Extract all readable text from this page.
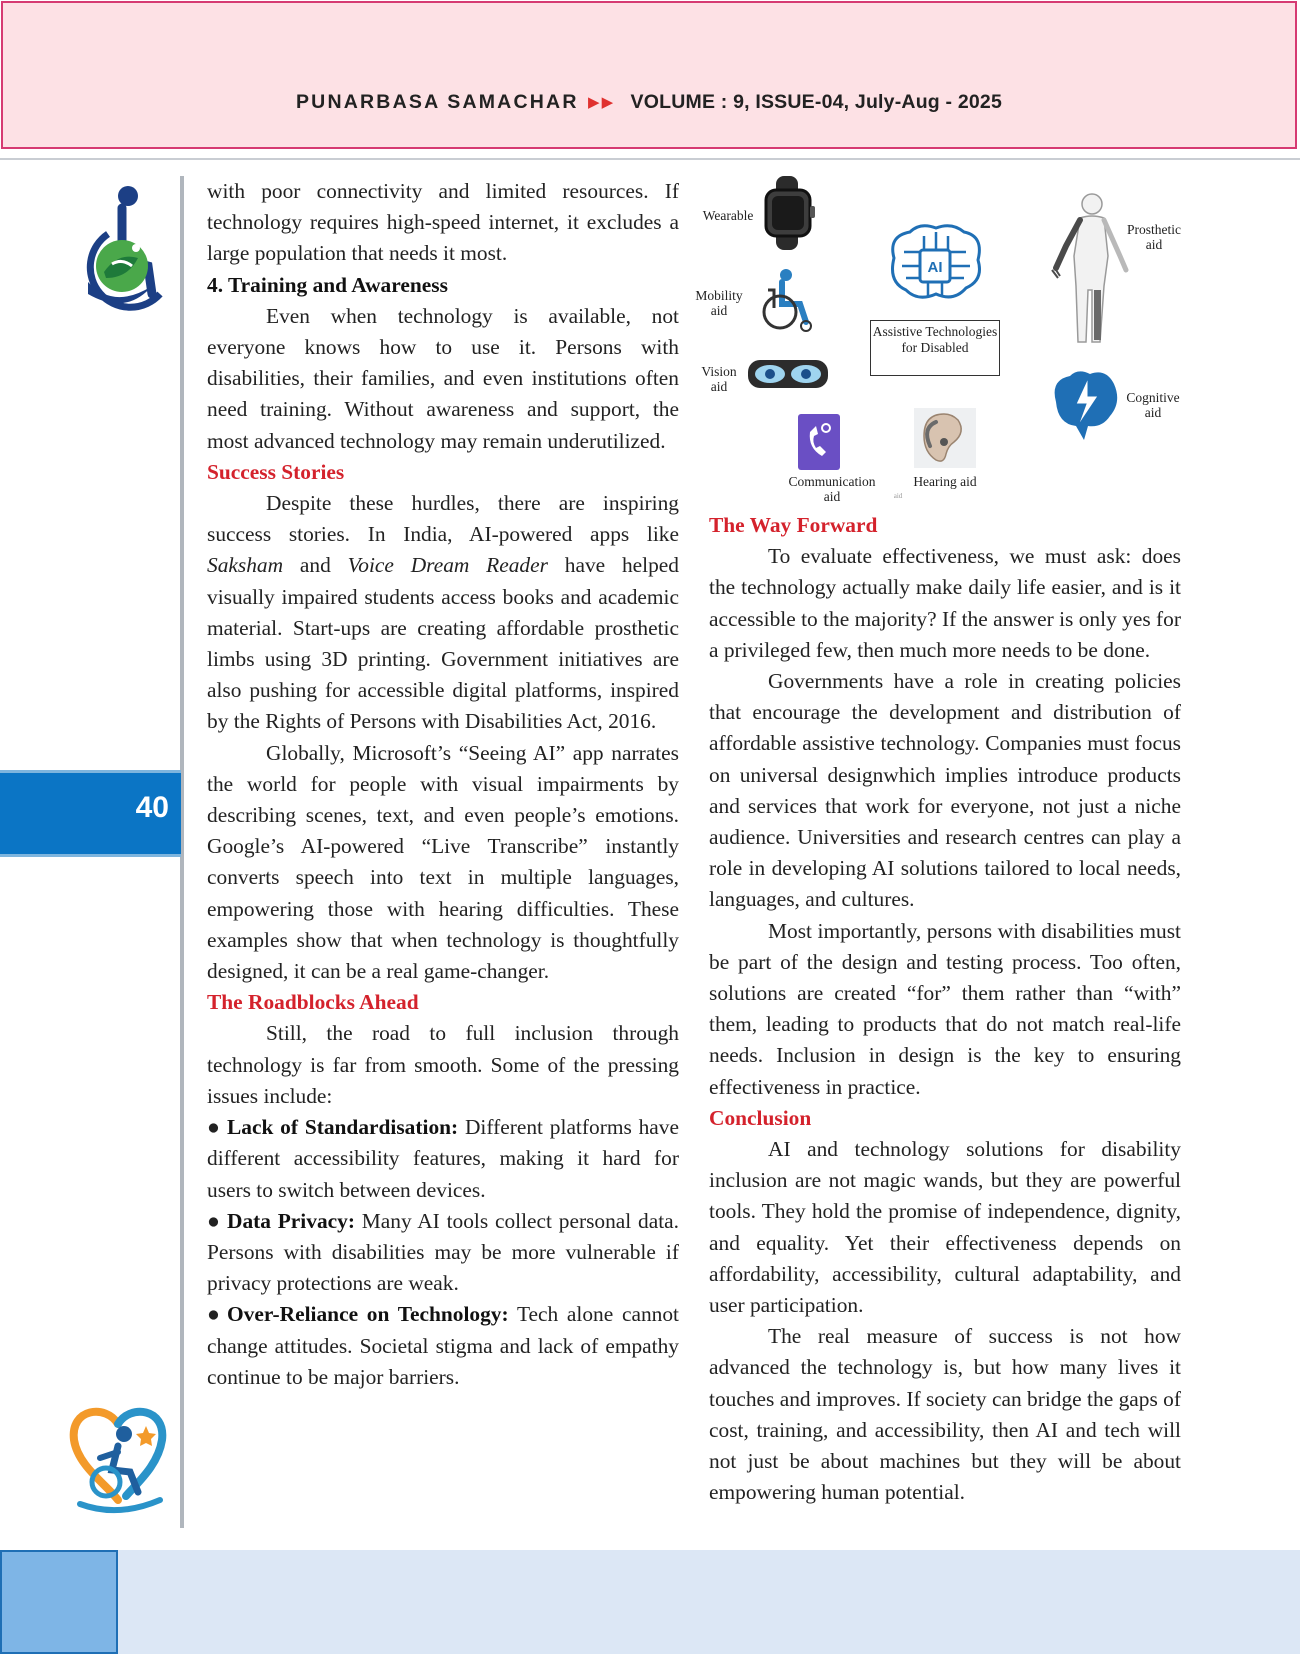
PUNARBASA SAMACHAR ▶▶ VOLUME : 9, ISSUE-04, July-Aug - 2025
40

with poor connectivity and limited resources. If technology requires high-speed internet, it excludes a large population that needs it most.

4. Training and Awareness

Even when technology is available, not everyone knows how to use it. Persons with disabilities, their families, and even institutions often need training. Without awareness and support, the most advanced technology may remain underutilized.

Success Stories

Despite these hurdles, there are inspiring success stories. In India, AI-powered apps like Saksham and Voice Dream Reader have helped visually impaired students access books and academic material. Start-ups are creating affordable prosthetic limbs using 3D printing. Government initiatives are also pushing for accessible digital platforms, inspired by the Rights of Persons with Disabilities Act, 2016.

Globally, Microsoft’s “Seeing AI” app narrates the world for people with visual impairments by describing scenes, text, and even people’s emotions. Google’s AI-powered “Live Transcribe” instantly converts speech into text in multiple languages, empowering those with hearing difficulties. These examples show that when technology is thoughtfully designed, it can be a real game-changer.

The Roadblocks Ahead

Still, the road to full inclusion through technology is far from smooth. Some of the pressing issues include:

● Lack of Standardisation: Different platforms have different accessibility features, making it hard for users to switch between devices.

● Data Privacy: Many AI tools collect personal data. Persons with disabilities may be more vulnerable if privacy protections are weak.

● Over-Reliance on Technology: Tech alone cannot change attitudes. Societal stigma and lack of empathy continue to be major barriers.

Wearable
Mobility aid
Vision aid
AI
Assistive Technologies for Disabled
Communication aid
Hearing aid
aid
Prosthetic aid
Cognitive aid

The Way Forward

To evaluate effectiveness, we must ask: does the technology actually make daily life easier, and is it accessible to the majority? If the answer is only yes for a privileged few, then much more needs to be done.

Governments have a role in creating policies that encourage the development and distribution of affordable assistive technology. Companies must focus on universal designwhich implies introduce products and services that work for everyone, not just a niche audience. Universities and research centres can play a role in developing AI solutions tailored to local needs, languages, and cultures.

Most importantly, persons with disabilities must be part of the design and testing process. Too often, solutions are created “for” them rather than “with” them, leading to products that do not match real-life needs. Inclusion in design is the key to ensuring effectiveness in practice.

Conclusion

AI and technology solutions for disability inclusion are not magic wands, but they are powerful tools. They hold the promise of independence, dignity, and equality. Yet their effectiveness depends on affordability, accessibility, cultural adaptability, and user participation.

The real measure of success is not how advanced the technology is, but how many lives it touches and improves. If society can bridge the gaps of cost, training, and accessibility, then AI and tech will not just be about machines but they will be about empowering human potential.
